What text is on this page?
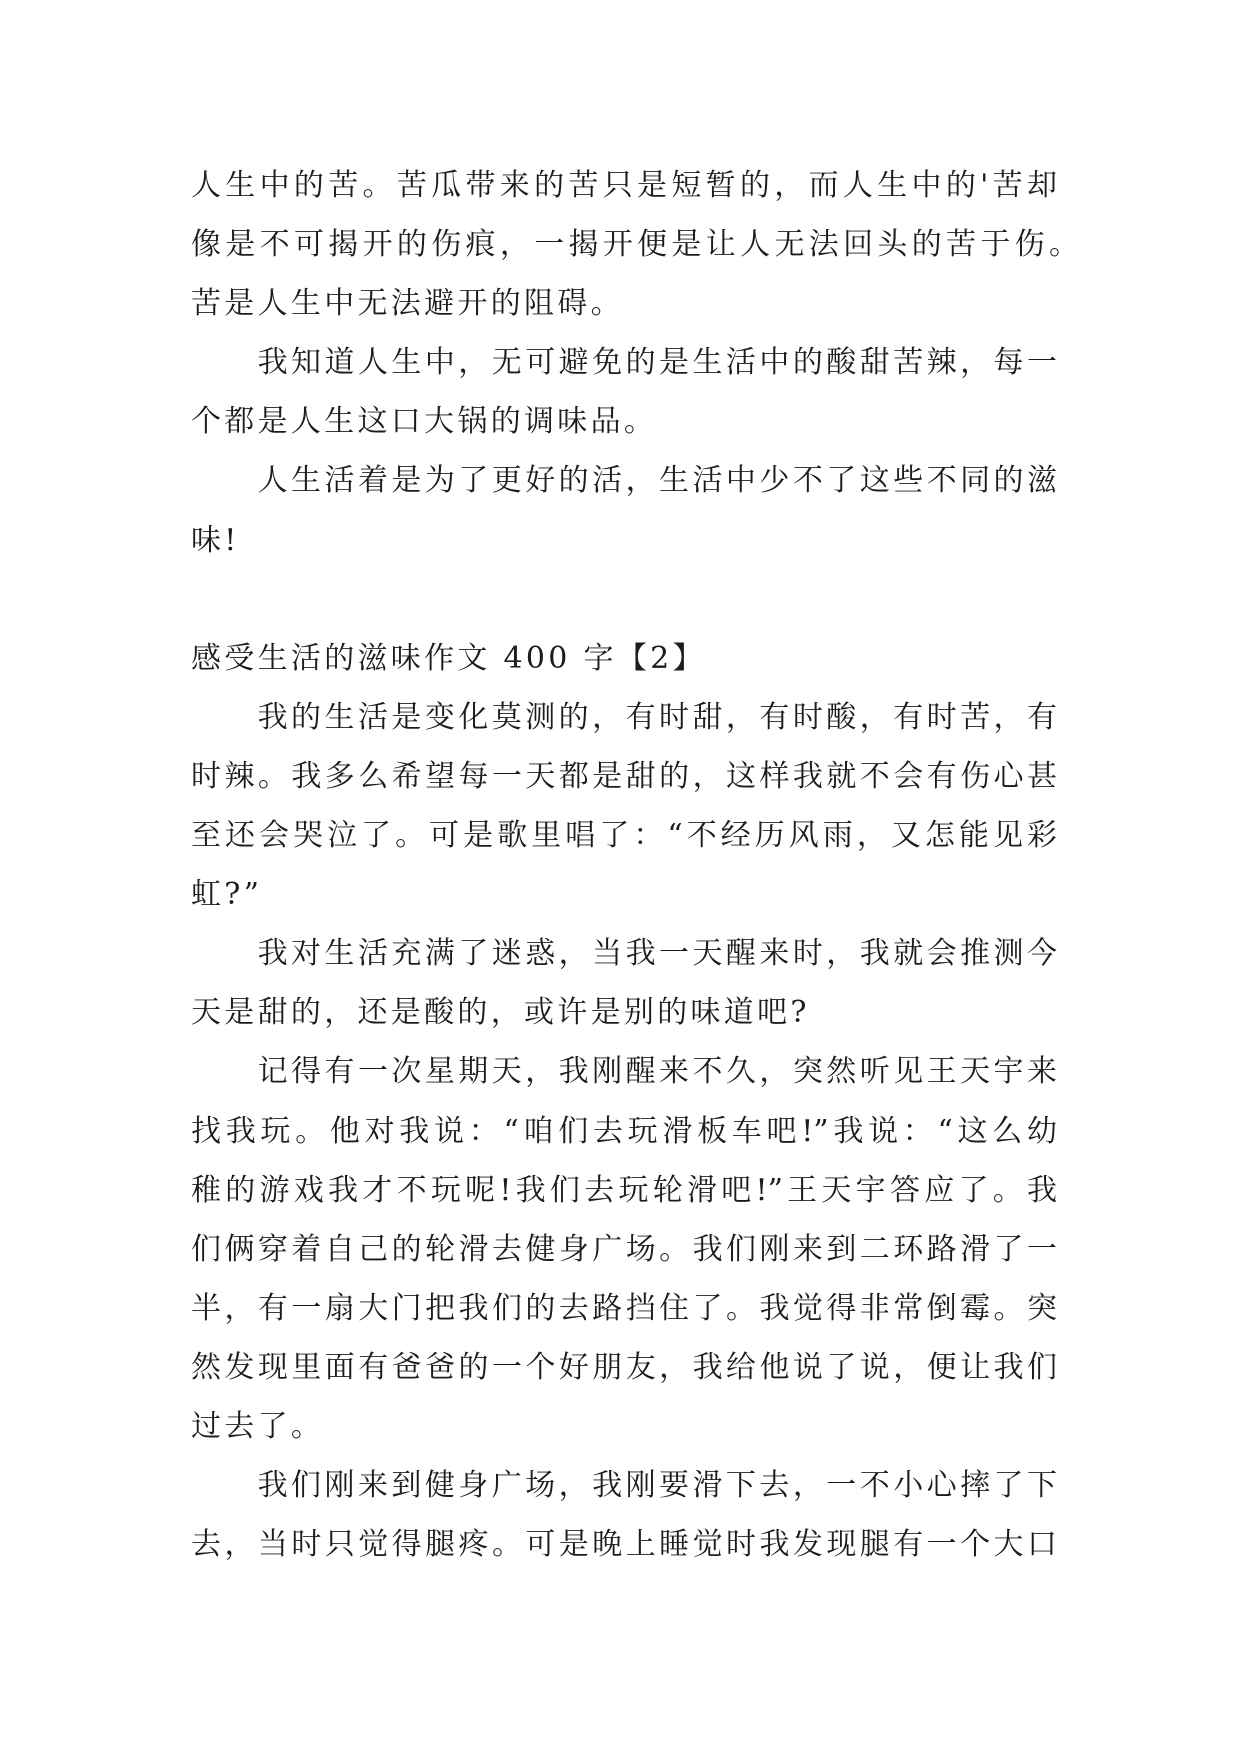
人生中的苦。苦瓜带来的苦只是短暂的，而人生中的'苦却
像是不可揭开的伤痕，一揭开便是让人无法回头的苦于伤。
苦是人生中无法避开的阻碍。
我知道人生中，无可避免的是生活中的酸甜苦辣，每一
个都是人生这口大锅的调味品。
人生活着是为了更好的活，生活中少不了这些不同的滋
味!
感受生活的滋味作文 400 字【2】
我的生活是变化莫测的，有时甜，有时酸，有时苦，有
时辣。我多么希望每一天都是甜的，这样我就不会有伤心甚
至还会哭泣了。可是歌里唱了：“不经历风雨，又怎能见彩
虹?”
我对生活充满了迷惑，当我一天醒来时，我就会推测今
天是甜的，还是酸的，或许是别的味道吧?
记得有一次星期天，我刚醒来不久，突然听见王天宇来
找我玩。他对我说：“咱们去玩滑板车吧!”我说：“这么幼
稚的游戏我才不玩呢!我们去玩轮滑吧!”王天宇答应了。我
们俩穿着自己的轮滑去健身广场。我们刚来到二环路滑了一
半，有一扇大门把我们的去路挡住了。我觉得非常倒霉。突
然发现里面有爸爸的一个好朋友，我给他说了说，便让我们
过去了。
我们刚来到健身广场，我刚要滑下去，一不小心摔了下
去，当时只觉得腿疼。可是晚上睡觉时我发现腿有一个大口
